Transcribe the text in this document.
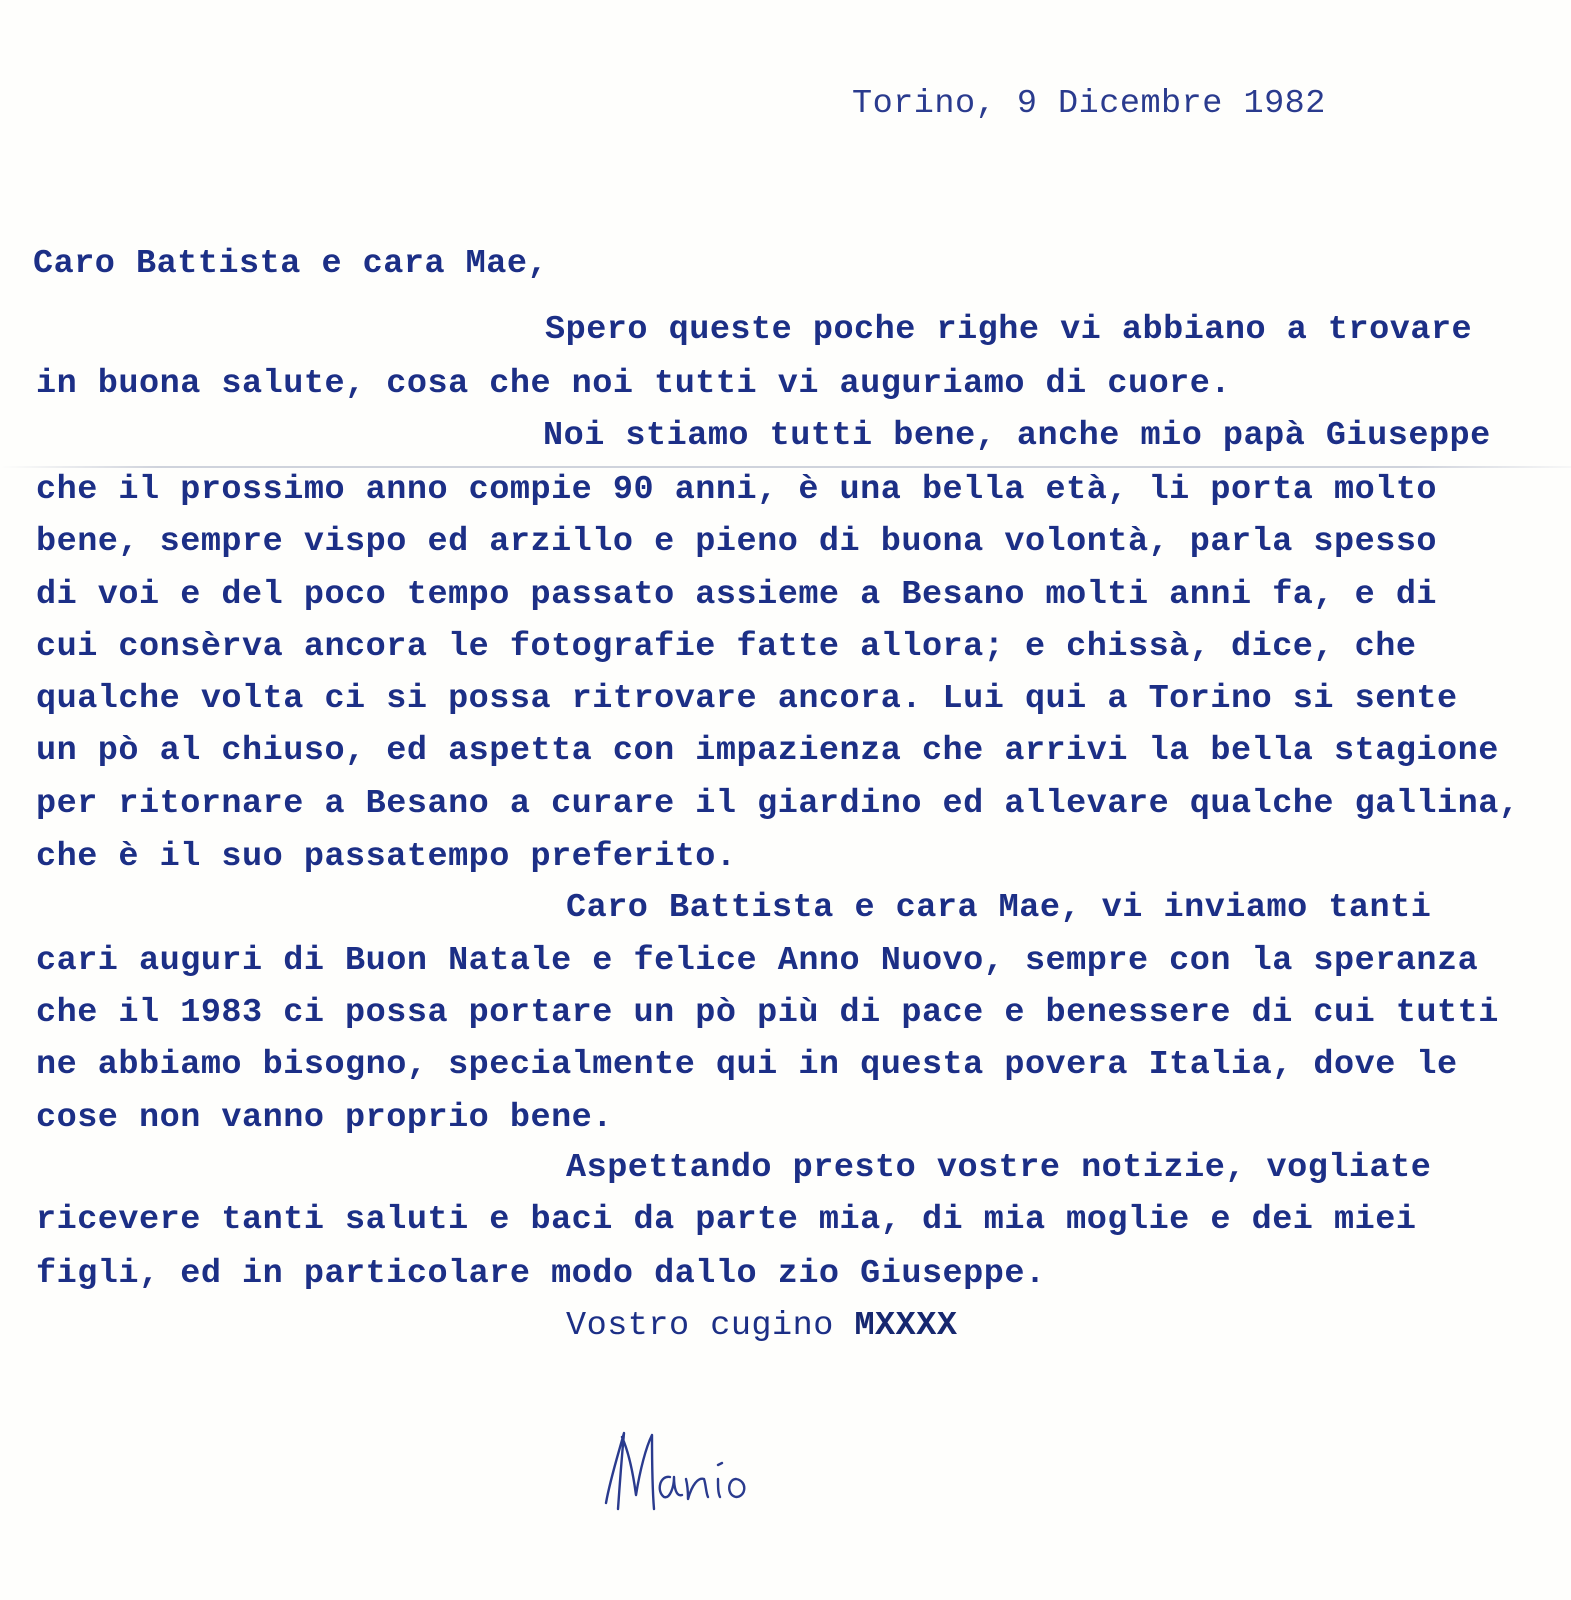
Torino, 9 Dicembre 1982
Caro Battista e cara Mae,
Spero queste poche righe vi abbiano a trovare
in buona salute, cosa che noi tutti vi auguriamo di cuore.
Noi stiamo tutti bene, anche mio papà Giuseppe
che il prossimo anno compie 90 anni, è una bella età, li porta molto
bene, sempre vispo ed arzillo e pieno di buona volontà, parla spesso
di voi e del poco tempo passato assieme a Besano molti anni fa, e di
cui consèrva ancora le fotografie fatte allora; e chissà, dice, che
qualche volta ci si possa ritrovare ancora. Lui qui a Torino si sente
un pò al chiuso, ed aspetta con impazienza che arrivi la bella stagione
per ritornare a Besano a curare il giardino ed allevare qualche gallina,
che è il suo passatempo preferito.
Caro Battista e cara Mae, vi inviamo tanti
cari auguri di Buon Natale e felice Anno Nuovo, sempre con la speranza
che il 1983 ci possa portare un pò più di pace e benessere di cui tutti
ne abbiamo bisogno, specialmente qui in questa povera Italia, dove le
cose non vanno proprio bene.
Aspettando presto vostre notizie, vogliate
ricevere tanti saluti e baci da parte mia, di mia moglie e dei miei
figli, ed in particolare modo dallo zio Giuseppe.
Vostro cugino MXXXX
